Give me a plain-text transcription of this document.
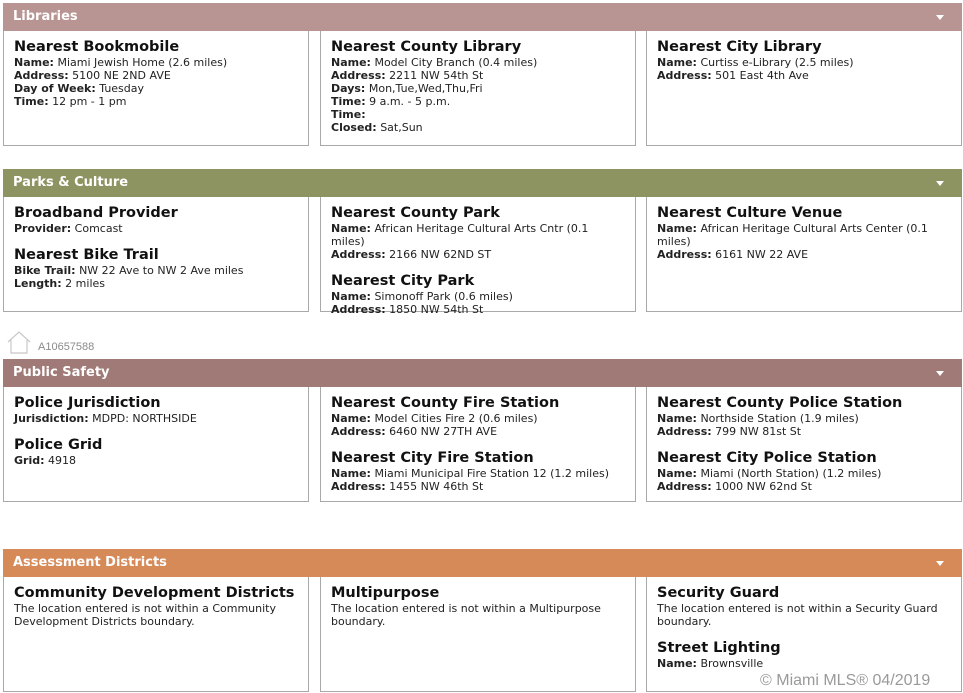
Libraries
Nearest Bookmobile
Name: Miami Jewish Home (2.6 miles)
Address: 5100 NE 2ND AVE
Day of Week: Tuesday
Time: 12 pm - 1 pm
Nearest County Library
Name: Model City Branch (0.4 miles)
Address: 2211 NW 54th St
Days: Mon,Tue,Wed,Thu,Fri
Time: 9 a.m. - 5 p.m.
Time:
Closed: Sat,Sun
Nearest City Library
Name: Curtiss e-Library (2.5 miles)
Address: 501 East 4th Ave
Parks & Culture
Broadband Provider
Provider: Comcast
Nearest Bike Trail
Bike Trail: NW 22 Ave to NW 2 Ave miles
Length: 2 miles
Nearest County Park
Name: African Heritage Cultural Arts Cntr (0.1 miles)
Address: 2166 NW 62ND ST
Nearest City Park
Name: Simonoff Park (0.6 miles)
Address: 1850 NW 54th St
Nearest Culture Venue
Name: African Heritage Cultural Arts Center (0.1 miles)
Address: 6161 NW 22 AVE
Public Safety
Police Jurisdiction
Jurisdiction: MDPD: NORTHSIDE
Police Grid
Grid: 4918
Nearest County Fire Station
Name: Model Cities Fire 2 (0.6 miles)
Address: 6460 NW 27TH AVE
Nearest City Fire Station
Name: Miami Municipal Fire Station 12 (1.2 miles)
Address: 1455 NW 46th St
Nearest County Police Station
Name: Northside Station (1.9 miles)
Address: 799 NW 81st St
Nearest City Police Station
Name: Miami (North Station) (1.2 miles)
Address: 1000 NW 62nd St
Assessment Districts
Community Development Districts
The location entered is not within a Community Development Districts boundary.
Multipurpose
The location entered is not within a Multipurpose boundary.
Security Guard
The location entered is not within a Security Guard boundary.
Street Lighting
Name: Brownsville
A10657588
© Miami MLS® 04/2019
